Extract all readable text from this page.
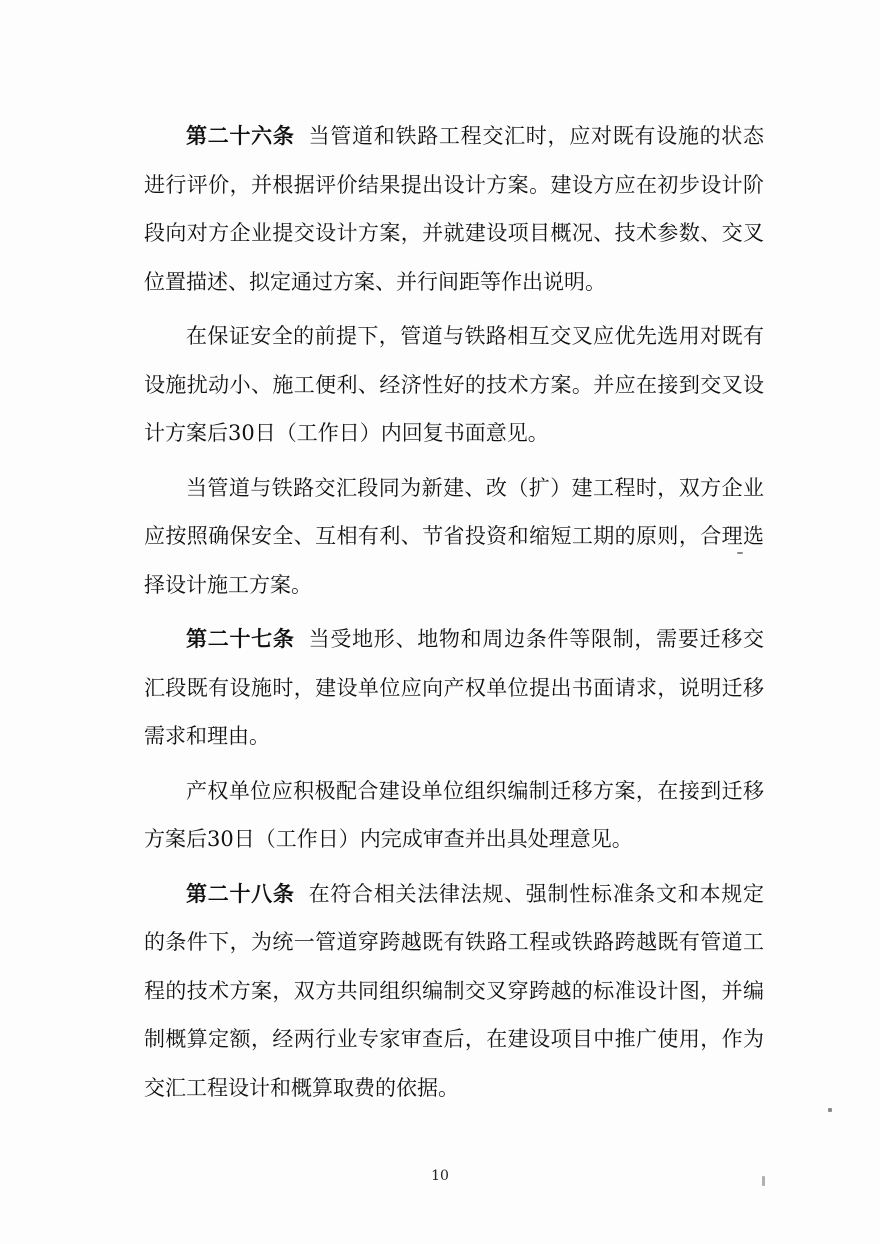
第二十六条 当管道和铁路工程交汇时，应对既有设施的状态进行评价，并根据评价结果提出设计方案。建设方应在初步设计阶段向对方企业提交设计方案，并就建设项目概况、技术参数、交叉位置描述、拟定通过方案、并行间距等作出说明。

在保证安全的前提下，管道与铁路相互交叉应优先选用对既有设施扰动小、施工便利、经济性好的技术方案。并应在接到交叉设计方案后30日（工作日）内回复书面意见。

当管道与铁路交汇段同为新建、改（扩）建工程时，双方企业应按照确保安全、互相有利、节省投资和缩短工期的原则，合理选择设计施工方案。

第二十七条 当受地形、地物和周边条件等限制，需要迁移交汇段既有设施时，建设单位应向产权单位提出书面请求，说明迁移需求和理由。

产权单位应积极配合建设单位组织编制迁移方案，在接到迁移方案后30日（工作日）内完成审查并出具处理意见。

第二十八条 在符合相关法律法规、强制性标准条文和本规定的条件下，为统一管道穿跨越既有铁路工程或铁路跨越既有管道工程的技术方案，双方共同组织编制交叉穿跨越的标准设计图，并编制概算定额，经两行业专家审查后，在建设项目中推广使用，作为交汇工程设计和概算取费的依据。

10
